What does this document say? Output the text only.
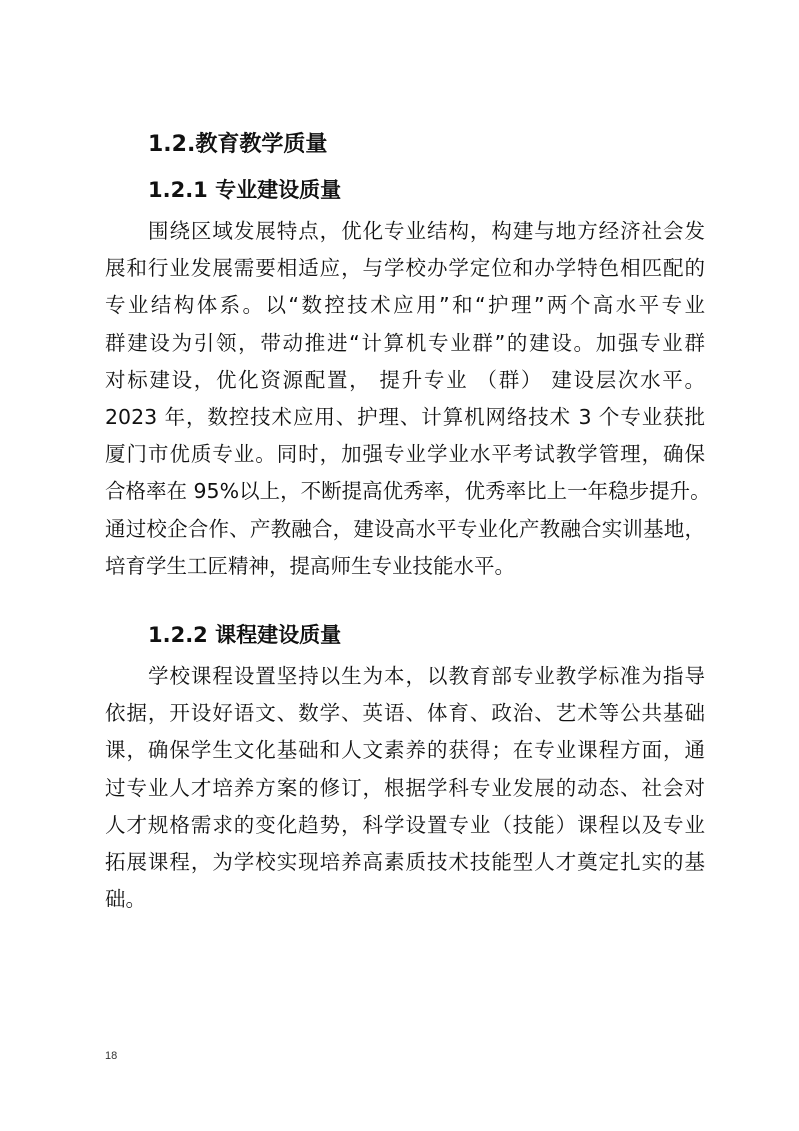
1.2.教育教学质量
1.2.1 专业建设质量
围绕区域发展特点，优化专业结构，构建与地方经济社会发
展和行业发展需要相适应，与学校办学定位和办学特色相匹配的
专业结构体系。以“数控技术应用”和“护理”两个高水平专业
群建设为引领，带动推进“计算机专业群”的建设。加强专业群
对标建设，优化资源配置， 提升专业 （群） 建设层次水平。
2023 年，数控技术应用、护理、计算机网络技术 3 个专业获批
厦门市优质专业。同时，加强专业学业水平考试教学管理，确保
合格率在 95%以上，不断提高优秀率，优秀率比上一年稳步提升。
通过校企合作、产教融合，建设高水平专业化产教融合实训基地，
培育学生工匠精神，提高师生专业技能水平。
1.2.2 课程建设质量
学校课程设置坚持以生为本，以教育部专业教学标准为指导
依据，开设好语文、数学、英语、体育、政治、艺术等公共基础
课，确保学生文化基础和人文素养的获得；在专业课程方面，通
过专业人才培养方案的修订，根据学科专业发展的动态、社会对
人才规格需求的变化趋势，科学设置专业（技能）课程以及专业
拓展课程，为学校实现培养高素质技术技能型人才奠定扎实的基
础。
18
